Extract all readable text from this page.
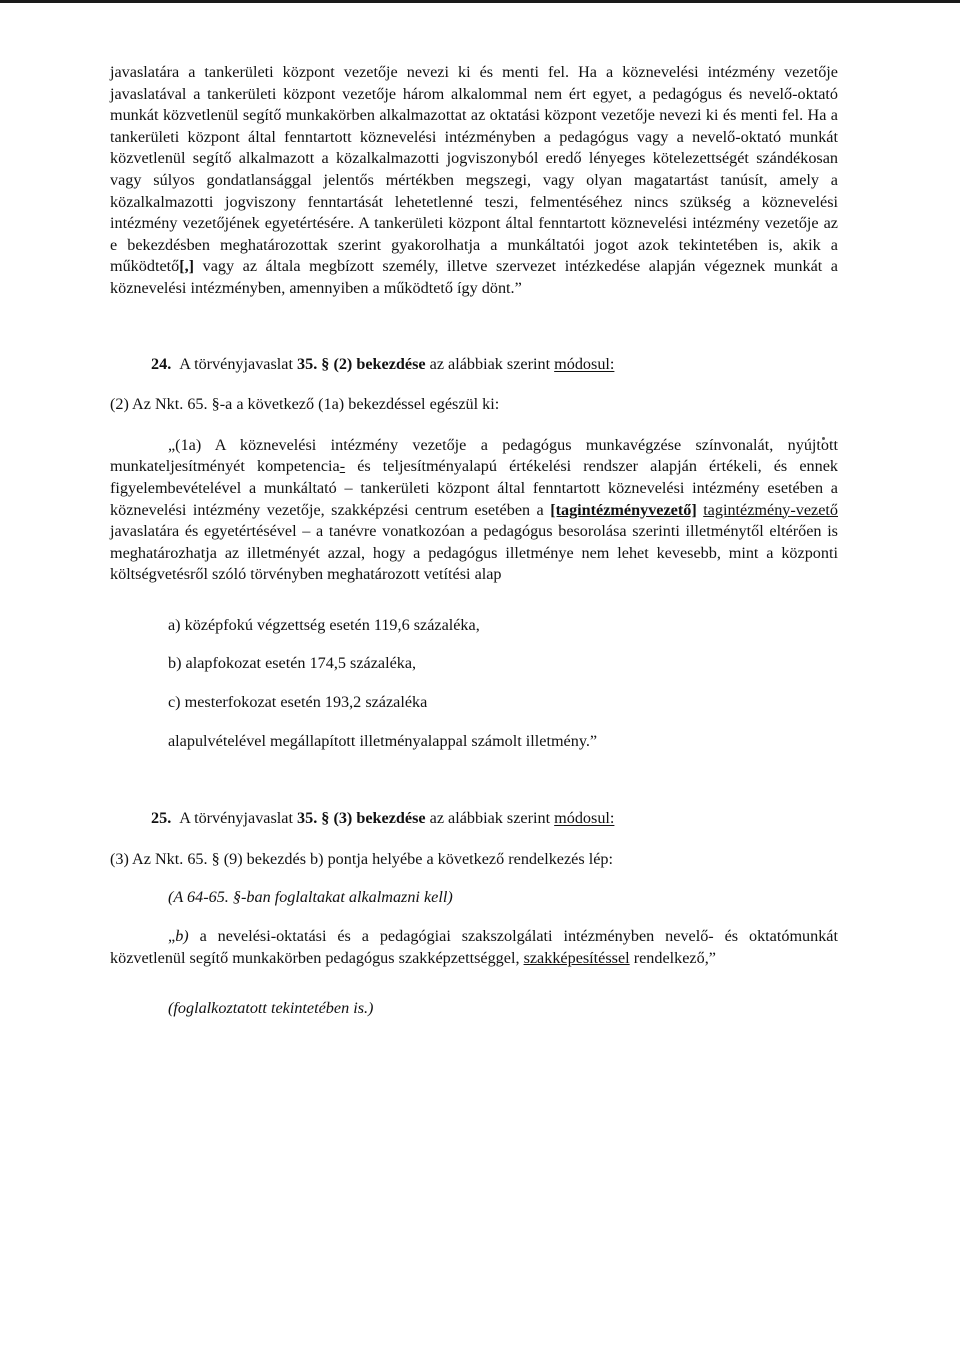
javaslatára a tankerületi központ vezetője nevezi ki és menti fel. Ha a köznevelési intézmény vezetője javaslatával a tankerületi központ vezetője három alkalommal nem ért egyet, a pedagógus és nevelő-oktató munkát közvetlenül segítő munkakörben alkalmazottat az oktatási központ vezetője nevezi ki és menti fel. Ha a tankerületi központ által fenntartott köznevelési intézményben a pedagógus vagy a nevelő-oktató munkát közvetlenül segítő alkalmazott a közalkalmazotti jogviszonyból eredő lényeges kötelezettségét szándékosan vagy súlyos gondatlansággal jelentős mértékben megszegi, vagy olyan magatartást tanúsít, amely a közalkalmazotti jogviszony fenntartását lehetetlenné teszi, felmentéséhez nincs szükség a köznevelési intézmény vezetőjének egyetértésére. A tankerületi központ által fenntartott köznevelési intézmény vezetője az e bekezdésben meghatározottak szerint gyakorolhatja a munkáltatói jogot azok tekintetében is, akik a működtető[,] vagy az általa megbízott személy, illetve szervezet intézkedése alapján végeznek munkát a köznevelési intézményben, amennyiben a működtető így dönt.”

24. A törvényjavaslat 35. § (2) bekezdése az alábbiak szerint módosul:

(2) Az Nkt. 65. §-a a következő (1a) bekezdéssel egészül ki:

„(1a) A köznevelési intézmény vezetője a pedagógus munkavégzése színvonalát, nyújtott munkateljesítményét kompetencia- és teljesítményalapú értékelési rendszer alapján értékeli, és ennek figyelembevételével a munkáltató – tankerületi központ által fenntartott köznevelési intézmény esetében a köznevelési intézmény vezetője, szakképzési centrum esetében a [tagintézményvezető] tagintézmény-vezető javaslatára és egyetértésével – a tanévre vonatkozóan a pedagógus besorolása szerinti illetménytől eltérően is meghatározhatja az illetményét azzal, hogy a pedagógus illetménye nem lehet kevesebb, mint a központi költségvetésről szóló törvényben meghatározott vetítési alap

a) középfokú végzettség esetén 119,6 százaléka,

b) alapfokozat esetén 174,5 százaléka,

c) mesterfokozat esetén 193,2 százaléka

alapulvételével megállapított illetményalappal számolt illetmény.”

25. A törvényjavaslat 35. § (3) bekezdése az alábbiak szerint módosul:

(3) Az Nkt. 65. § (9) bekezdés b) pontja helyébe a következő rendelkezés lép:

(A 64-65. §-ban foglaltakat alkalmazni kell)

„b) a nevelési-oktatási és a pedagógiai szakszolgálati intézményben nevelő- és oktatómunkát közvetlenül segítő munkakörben pedagógus szakképzettséggel, szakképesítéssel rendelkező,”

(foglalkoztatott tekintetében is.)
